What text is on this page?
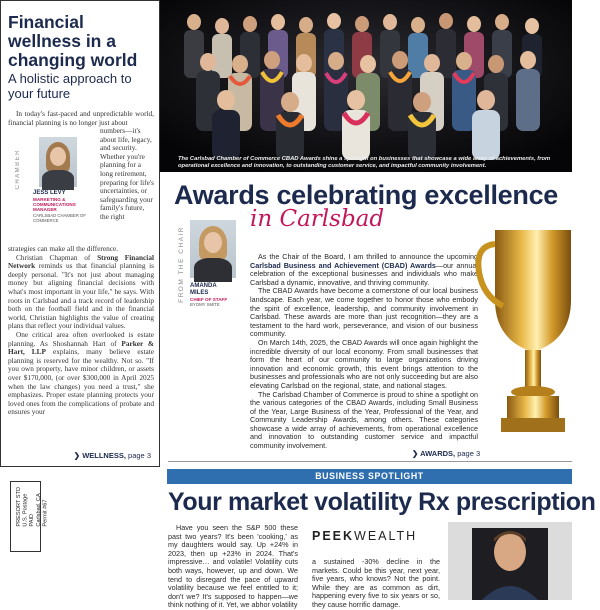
Financial wellness in a changing world
A holistic approach to your future
In today's fast-paced and unpredictable world, financial planning is no longer just about
CHAMBER
JESS LEVY
MARKETING & COMMUNICATIONS MANAGER
CARLSBAD CHAMBER OF COMMERCE
numbers—it's about life, legacy, and security. Whether you're planning for a long retirement, preparing for life's uncertainties, or safeguarding your family's future, the right
strategies can make all the difference.
Christian Chapman of Strong Financial Network reminds us that financial planning is deeply personal. "It's not just about managing money but aligning financial decisions with what's most important in your life," he says. With roots in Carlsbad and a track record of leadership both on the football field and in the financial world, Christian highlights the value of creating plans that reflect your individual values.
One critical area often overlooked is estate planning. As Shoshannah Hart of Parker & Hart, LLP explains, many believe estate planning is reserved for the wealthy. Not so. "If you own property, have minor children, or assets over $170,000, (or over $300,000 in April 2025 when the law changes) you need a trust," she emphasizes. Proper estate planning protects your loved ones from the complications of probate and ensures your
❯ WELLNESS, page 3
PRESORT STD U.S. Postage PAID Carlsbad, CA Permit #67
The Carlsbad Chamber of Commerce CBAD Awards shine a spotlight on businesses that showcase a wide array of achievements, from operational excellence and innovation, to outstanding customer service, and impactful community involvement.
Awards celebrating excellence
in Carlsbad
FROM THE CHAIR AMANDA
MILES
CHIEF OF STAFF
BYOMY SMITE
As the Chair of the Board, I am thrilled to announce the upcoming Carlsbad Business and Achievement (CBAD) Awards—our annual celebration of the exceptional businesses and individuals who make Carlsbad a dynamic, innovative, and thriving community.
The CBAD Awards have become a cornerstone of our local business landscape. Each year, we come together to honor those who embody the spirit of excellence, leadership, and community involvement in Carlsbad. These awards are more than just recognition—they are a testament to the hard work, perseverance, and vision of our business community.
On March 14th, 2025, the CBAD Awards will once again highlight the incredible diversity of our local economy. From small businesses that form the heart of our community to large organizations driving innovation and economic growth, this event brings attention to the businesses and professionals who are not only succeeding but are also elevating Carlsbad on the regional, state, and national stages.
The Carlsbad Chamber of Commerce is proud to shine a spotlight on the various categories of the CBAD Awards, including Small Business of the Year, Large Business of the Year, Professional of the Year, and Community Leadership Awards, among others. These categories showcase a wide array of achievements, from operational excellence and innovation to outstanding customer service and impactful community involvement.
❯ AWARDS, page 3
BUSINESS SPOTLIGHT
Your market volatility Rx prescription
Have you seen the S&P 500 these past two years? It's been 'cooking,' as my daughters would say. Up +24% in 2023, then up +23% in 2024. That's impressive… and volatile! Volatility cuts both ways, however, up and down. We tend to disregard the pace of upward volatility because we feel entitled to it; don't we? It's supposed to happen—we think nothing of it. Yet, we abhor volatility
PEEKWEALTH
a sustained -30% decline in the markets. Could be this year, next year, five years, who knows? Not the point. While they are as common as dirt, happening every five to six years or so, they cause horrific damage.
